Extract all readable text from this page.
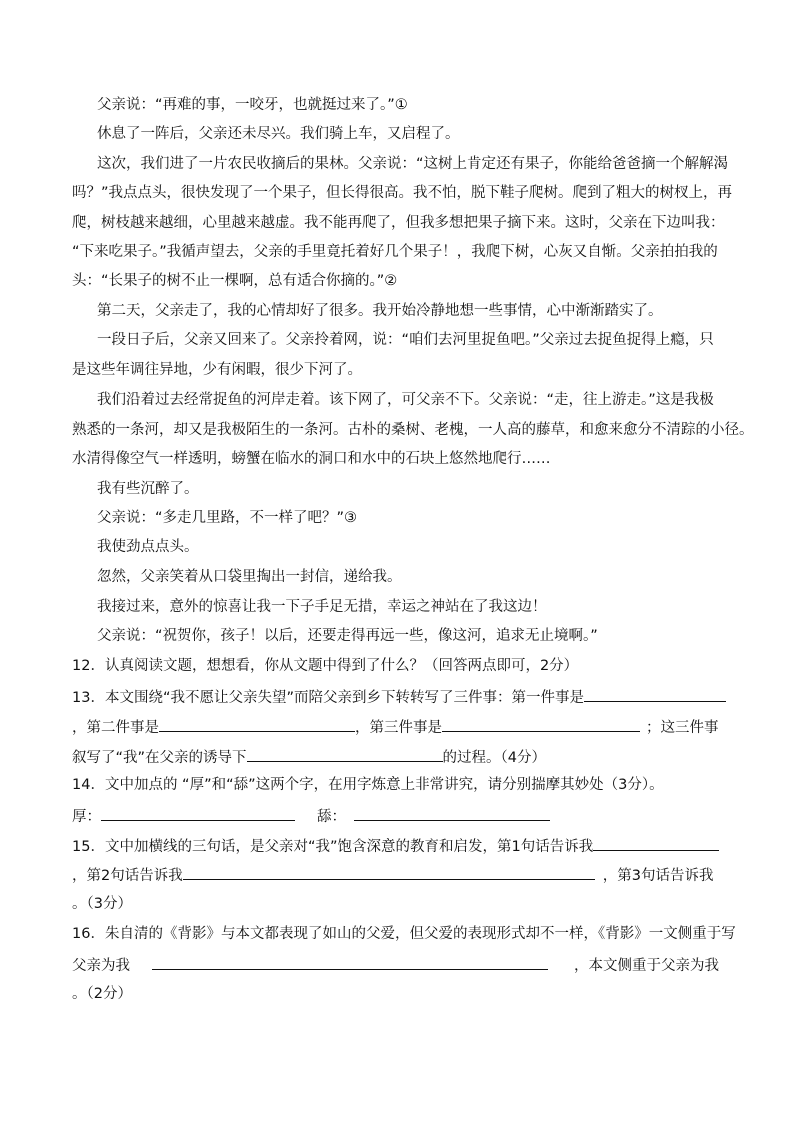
父亲说：“再难的事，一咬牙，也就挺过来了。”①
休息了一阵后，父亲还未尽兴。我们骑上车，又启程了。
这次，我们进了一片农民收摘后的果林。父亲说：“这树上肯定还有果子，你能给爸爸摘一个解解渴
吗？”我点点头，很快发现了一个果子，但长得很高。我不怕，脱下鞋子爬树。爬到了粗大的树杈上，再
爬，树枝越来越细，心里越来越虚。我不能再爬了，但我多想把果子摘下来。这时，父亲在下边叫我：
“下来吃果子。”我循声望去，父亲的手里竟托着好几个果子！，我爬下树，心灰又自惭。父亲拍拍我的
头：“长果子的树不止一棵啊，总有适合你摘的。”②
第二天，父亲走了，我的心情却好了很多。我开始冷静地想一些事情，心中渐渐踏实了。
一段日子后，父亲又回来了。父亲拎着网，说：“咱们去河里捉鱼吧。”父亲过去捉鱼捉得上瘾，只
是这些年调往异地，少有闲暇，很少下河了。
我们沿着过去经常捉鱼的河岸走着。该下网了，可父亲不下。父亲说：“走，往上游走。”这是我极
熟悉的一条河，却又是我极陌生的一条河。古朴的桑树、老槐，一人高的藤草，和愈来愈分不清踪的小径。
水清得像空气一样透明，螃蟹在临水的洞口和水中的石块上悠然地爬行……
我有些沉醉了。
父亲说：“多走几里路，不一样了吧？”③
我使劲点点头。
忽然，父亲笑着从口袋里掏出一封信，递给我。
我接过来，意外的惊喜让我一下子手足无措，幸运之神站在了我这边！
父亲说：“祝贺你，孩子！以后，还要走得再远一些，像这河，追求无止境啊。”
12．认真阅读文题，想想看，你从文题中得到了什么？（回答两点即可，2分）
13．本文围绕“我不愿让父亲失望”而陪父亲到乡下转转写了三件事：第一件事是
，第二件事是	，第三件事是	；这三件事
叙写了“我”在父亲的诱导下	的过程。（4分）
14．文中加点的 “厚”和“舔”这两个字，在用字炼意上非常讲究，请分别揣摩其妙处（3分）。
厚：	舔：
15．文中加横线的三句话，是父亲对“我”饱含深意的教育和启发，第1句话告诉我
，第2句话告诉我	，第3句话告诉我
。（3分）
16．朱自清的《背影》与本文都表现了如山的父爱，但父爱的表现形式却不一样，《背影》一文侧重于写
父亲为我	，本文侧重于父亲为我
。（2分）
